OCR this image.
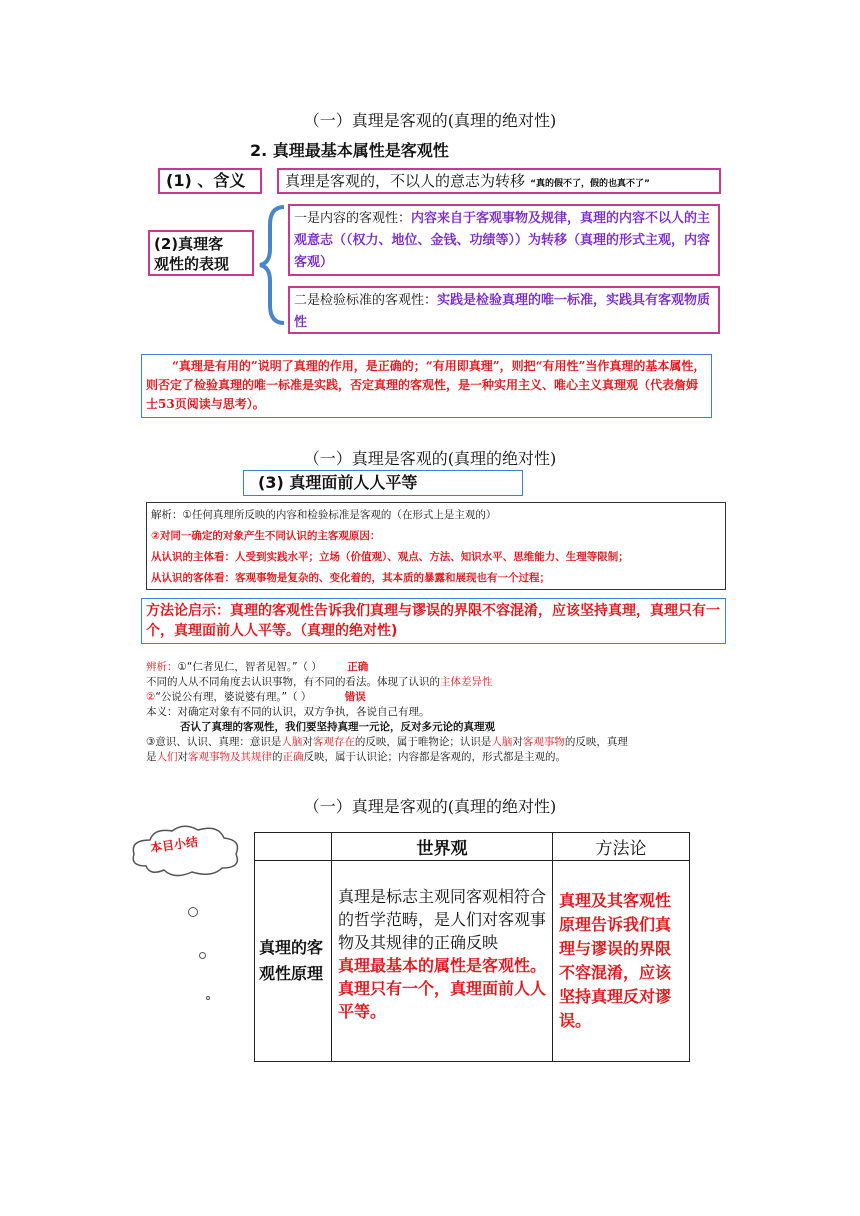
（一）真理是客观的(真理的绝对性)
2. 真理最基本属性是客观性
(1) 、含义	真理是客观的，不以人的意志为转移 “真的假不了，假的也真不了”
(2)真理客
观性的表现
一是内容的客观性：内容来自于客观事物及规律，真理的内容不以人的主观意志（（权力、地位、金钱、功绩等））为转移（真理的形式主观，内容客观）
二是检验标准的客观性：实践是检验真理的唯一标准，实践具有客观物质性
“真理是有用的”说明了真理的作用，是正确的；“有用即真理”，则把“有用性”当作真理的基本属性，则否定了检验真理的唯一标准是实践，否定真理的客观性，是一种实用主义、唯心主义真理观（代表詹姆士53页阅读与思考）。
（一）真理是客观的(真理的绝对性)
(3) 真理面前人人平等
解析：①任何真理所反映的内容和检验标准是客观的（在形式上是主观的）
②对同一确定的对象产生不同认识的主客观原因：
从认识的主体看：人受到实践水平；立场（价值观）、观点、方法、知识水平、思维能力、生理等限制；
从认识的客体看：客观事物是复杂的、变化着的，其本质的暴露和展现也有一个过程；
方法论启示：真理的客观性告诉我们真理与谬误的界限不容混淆，应该坚持真理，真理只有一个，真理面前人人平等。（真理的绝对性)
辨析：①“仁者见仁，智者见智。”（ ） 正确
不同的人从不同角度去认识事物，有不同的看法。体现了认识的主体差异性
②“公说公有理，婆说婆有理。”（ ）	错误
本义：对确定对象有不同的认识，双方争执，各说自己有理。
否认了真理的客观性，我们要坚持真理一元论，反对多元论的真理观
③意识、认识、真理：意识是人脑对客观存在的反映，属于唯物论；认识是人脑对客观事物的反映，真理
是人们对客观事物及其规律的正确反映，属于认识论；内容都是客观的，形式都是主观的。
（一）真理是客观的(真理的绝对性)
本目小结
		世界观	方法论
真理的客观性原理	真理是标志主观同客观相符合的哲学范畴，是人们对客观事物及其规律的正确反映
真理最基本的属性是客观性。真理只有一个，真理面前人人平等。	真理及其客观性原理告诉我们真理与谬误的界限不容混淆，应该坚持真理反对谬误。
